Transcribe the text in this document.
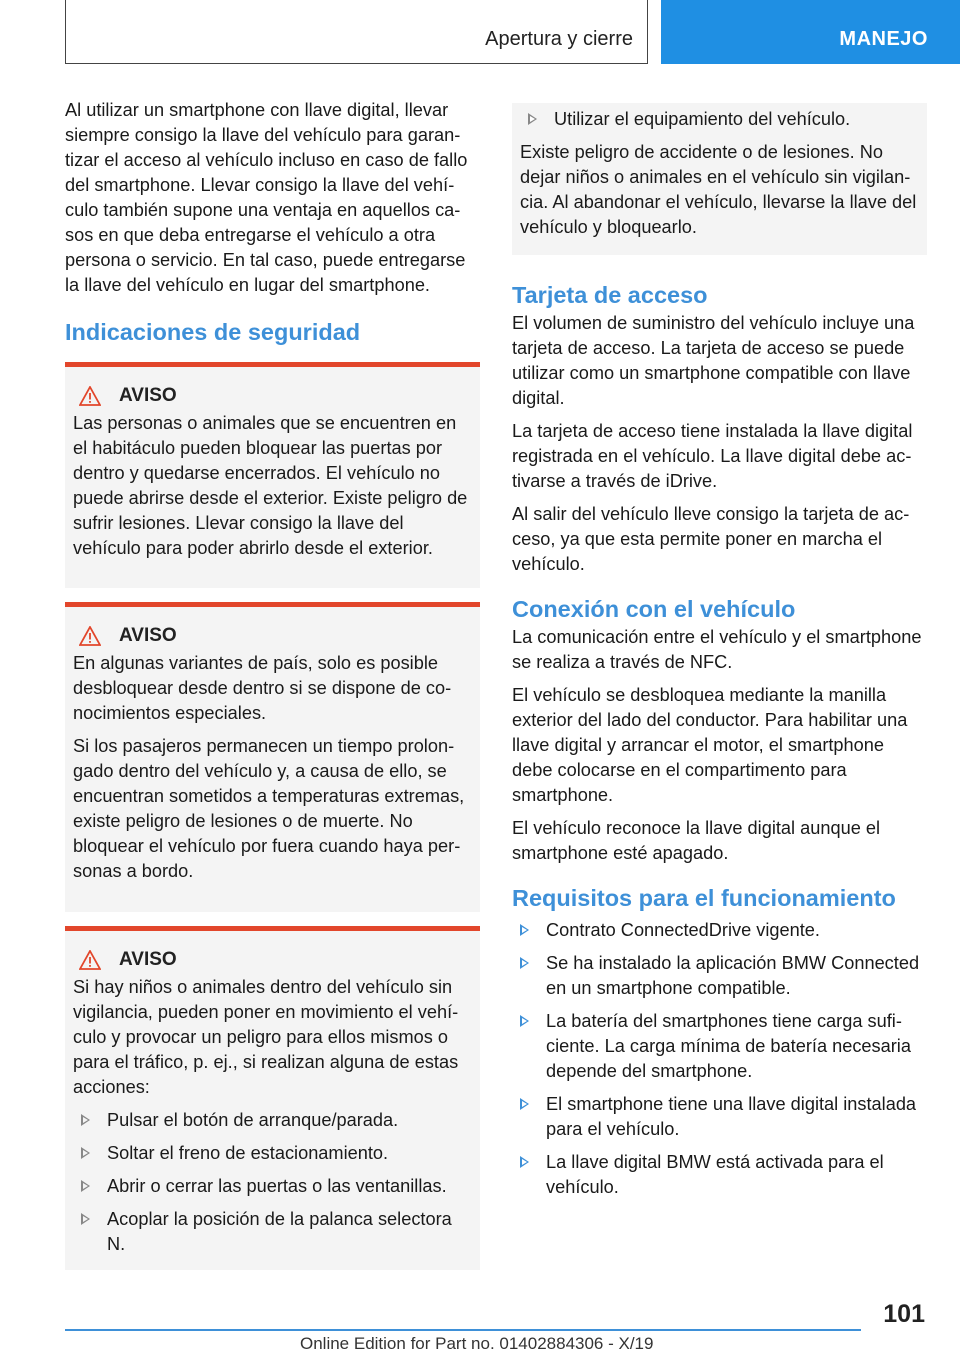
Apertura y cierre	MANEJO

Al utilizar un smartphone con llave digital, llevar siempre consigo la llave del vehículo para garantizar el acceso al vehículo incluso en caso de fallo del smartphone. Llevar consigo la llave del vehículo también supone una ventaja en aquellos casos en que deba entregarse el vehículo a otra persona o servicio. En tal caso, puede entregarse la llave del vehículo en lugar del smartphone.

Indicaciones de seguridad
AVISO

Las personas o animales que se encuentren en el habitáculo pueden bloquear las puertas por dentro y quedarse encerrados. El vehículo no puede abrirse desde el exterior. Existe peligro de sufrir lesiones. Llevar consigo la llave del vehículo para poder abrirlo desde el exterior.

AVISO

En algunas variantes de país, solo es posible desbloquear desde dentro si se dispone de conocimientos especiales.

Si los pasajeros permanecen un tiempo prolongado dentro del vehículo y, a causa de ello, se encuentran sometidos a temperaturas extremas, existe peligro de lesiones o de muerte. No bloquear el vehículo por fuera cuando haya personas a bordo.

AVISO

Si hay niños o animales dentro del vehículo sin vigilancia, pueden poner en movimiento el vehículo y provocar un peligro para ellos mismos o para el tráfico, p. ej., si realizan alguna de estas acciones:

Pulsar el botón de arranque/parada.
Soltar el freno de estacionamiento.
Abrir o cerrar las puertas o las ventanillas.
Acoplar la posición de la palanca selectora N.
Utilizar el equipamiento del vehículo.

Existe peligro de accidente o de lesiones. No dejar niños o animales en el vehículo sin vigilancia. Al abandonar el vehículo, llevarse la llave del vehículo y bloquearlo.

Tarjeta de acceso

El volumen de suministro del vehículo incluye una tarjeta de acceso. La tarjeta de acceso se puede utilizar como un smartphone compatible con llave digital.

La tarjeta de acceso tiene instalada la llave digital registrada en el vehículo. La llave digital debe activarse a través de iDrive.

Al salir del vehículo lleve consigo la tarjeta de acceso, ya que esta permite poner en marcha el vehículo.

Conexión con el vehículo

La comunicación entre el vehículo y el smartphone se realiza a través de NFC.

El vehículo se desbloquea mediante la manilla exterior del lado del conductor. Para habilitar una llave digital y arrancar el motor, el smartphone debe colocarse en el compartimento para smartphone.

El vehículo reconoce la llave digital aunque el smartphone esté apagado.

Requisitos para el funcionamiento
Contrato ConnectedDrive vigente.
Se ha instalado la aplicación BMW Connected en un smartphone compatible.
La batería del smartphones tiene carga suficiente. La carga mínima de batería necesaria depende del smartphone.
El smartphone tiene una llave digital instalada para el vehículo.
La llave digital BMW está activada para el vehículo.
101
Online Edition for Part no. 01402884306 - X/19
